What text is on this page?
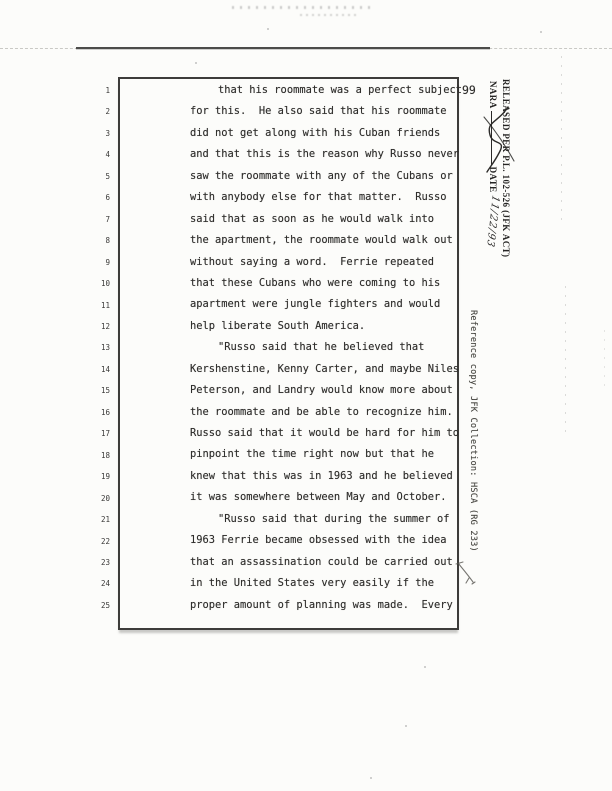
1
2
3
4
5
6
7
8
9
10
11
12
13
14
15
16
17
18
19
20
21
22
23
24
25
that his roommate was a perfect subject
for this.  He also said that his roommate
did not get along with his Cuban friends
and that this is the reason why Russo never
saw the roommate with any of the Cubans or
with anybody else for that matter.  Russo
said that as soon as he would walk into
the apartment, the roommate would walk out
without saying a word.  Ferrie repeated
that these Cubans who were coming to his
apartment were jungle fighters and would
help liberate South America.
"Russo said that he believed that
Kershenstine, Kenny Carter, and maybe Niles
Peterson, and Landry would know more about
the roommate and be able to recognize him.
Russo said that it would be hard for him to
pinpoint the time right now but that he
knew that this was in 1963 and he believed
it was somewhere between May and October.
"Russo said that during the summer of
1963 Ferrie became obsessed with the idea
that an assassination could be carried out
in the United States very easily if the
proper amount of planning was made.  Every
99	RELEASED PER P.L. 102-526 (JFK ACT)
NARADATE11/22/93
Reference copy, JFK Collection: HSCA (RG 233)
